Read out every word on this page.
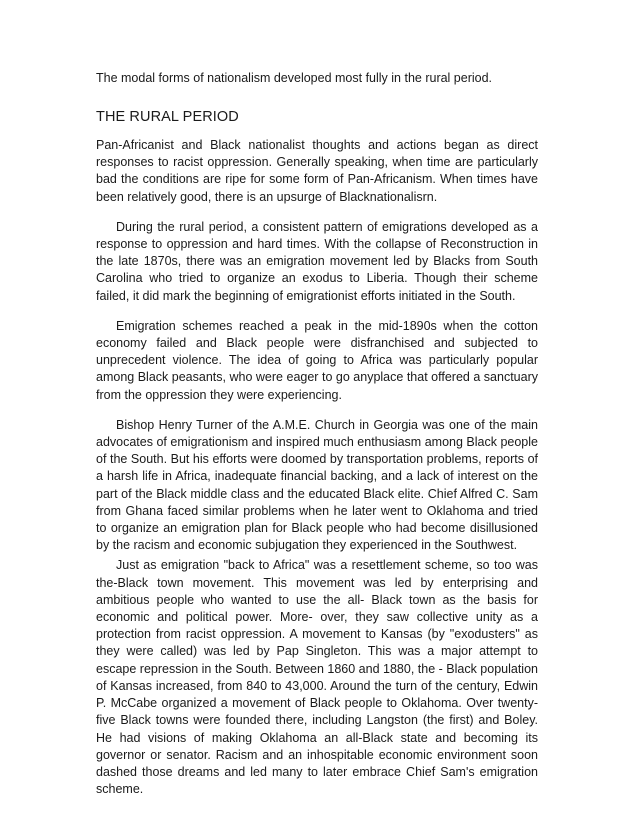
The modal forms of nationalism developed most fully in the rural period.

THE RURAL PERIOD

Pan-Africanist and Black nationalist thoughts and actions began as direct responses to racist oppression. Generally speaking, when time are particularly bad the conditions are ripe for some form of Pan-Africanism. When times have been relatively good, there is an upsurge of Blacknationalisrn.

During the rural period, a consistent pattern of emigrations developed as a response to oppression and hard times. With the collapse of Reconstruction in the late 1870s, there was an emigration movement led by Blacks from South Carolina who tried to organize an exodus to Liberia. Though their scheme failed, it did mark the beginning of emigrationist efforts initiated in the South.

Emigration schemes reached a peak in the mid-1890s when the cotton economy failed and Black people were disfranchised and subjected to unprecedent violence. The idea of going to Africa was particularly popular among Black peasants, who were eager to go anyplace that offered a sanctuary from the oppression they were experiencing.

Bishop Henry Turner of the A.M.E. Church in Georgia was one of the main advocates of emigrationism and inspired much enthusiasm among Black people of the South. But his efforts were doomed by transportation problems, reports of a harsh life in Africa, inadequate financial backing, and a lack of interest on the part of the Black middle class and the educated Black elite. Chief Alfred C. Sam from Ghana faced similar problems when he later went to Oklahoma and tried to organize an emigration plan for Black people who had become disillusioned by the racism and economic subjugation they experienced in the Southwest.

Just as emigration "back to Africa" was a resettlement scheme, so too was the-Black town movement. This movement was led by enterprising and ambitious people who wanted to use the all- Black town as the basis for economic and political power. More- over, they saw collective unity as a protection from racist oppression. A movement to Kansas (by "exodusters" as they were called) was led by Pap Singleton. This was a major attempt to escape repression in the South. Between 1860 and 1880, the - Black population of Kansas increased, from 840 to 43,000. Around the turn of the century, Edwin P. McCabe organized a movement of Black people to Oklahoma. Over twenty-five Black towns were founded there, including Langston (the first) and Boley. He had visions of making Oklahoma an all-Black state and becoming its governor or senator. Racism and an inhospitable economic environment soon dashed those dreams and led many to later embrace Chief Sam's emigration scheme.
